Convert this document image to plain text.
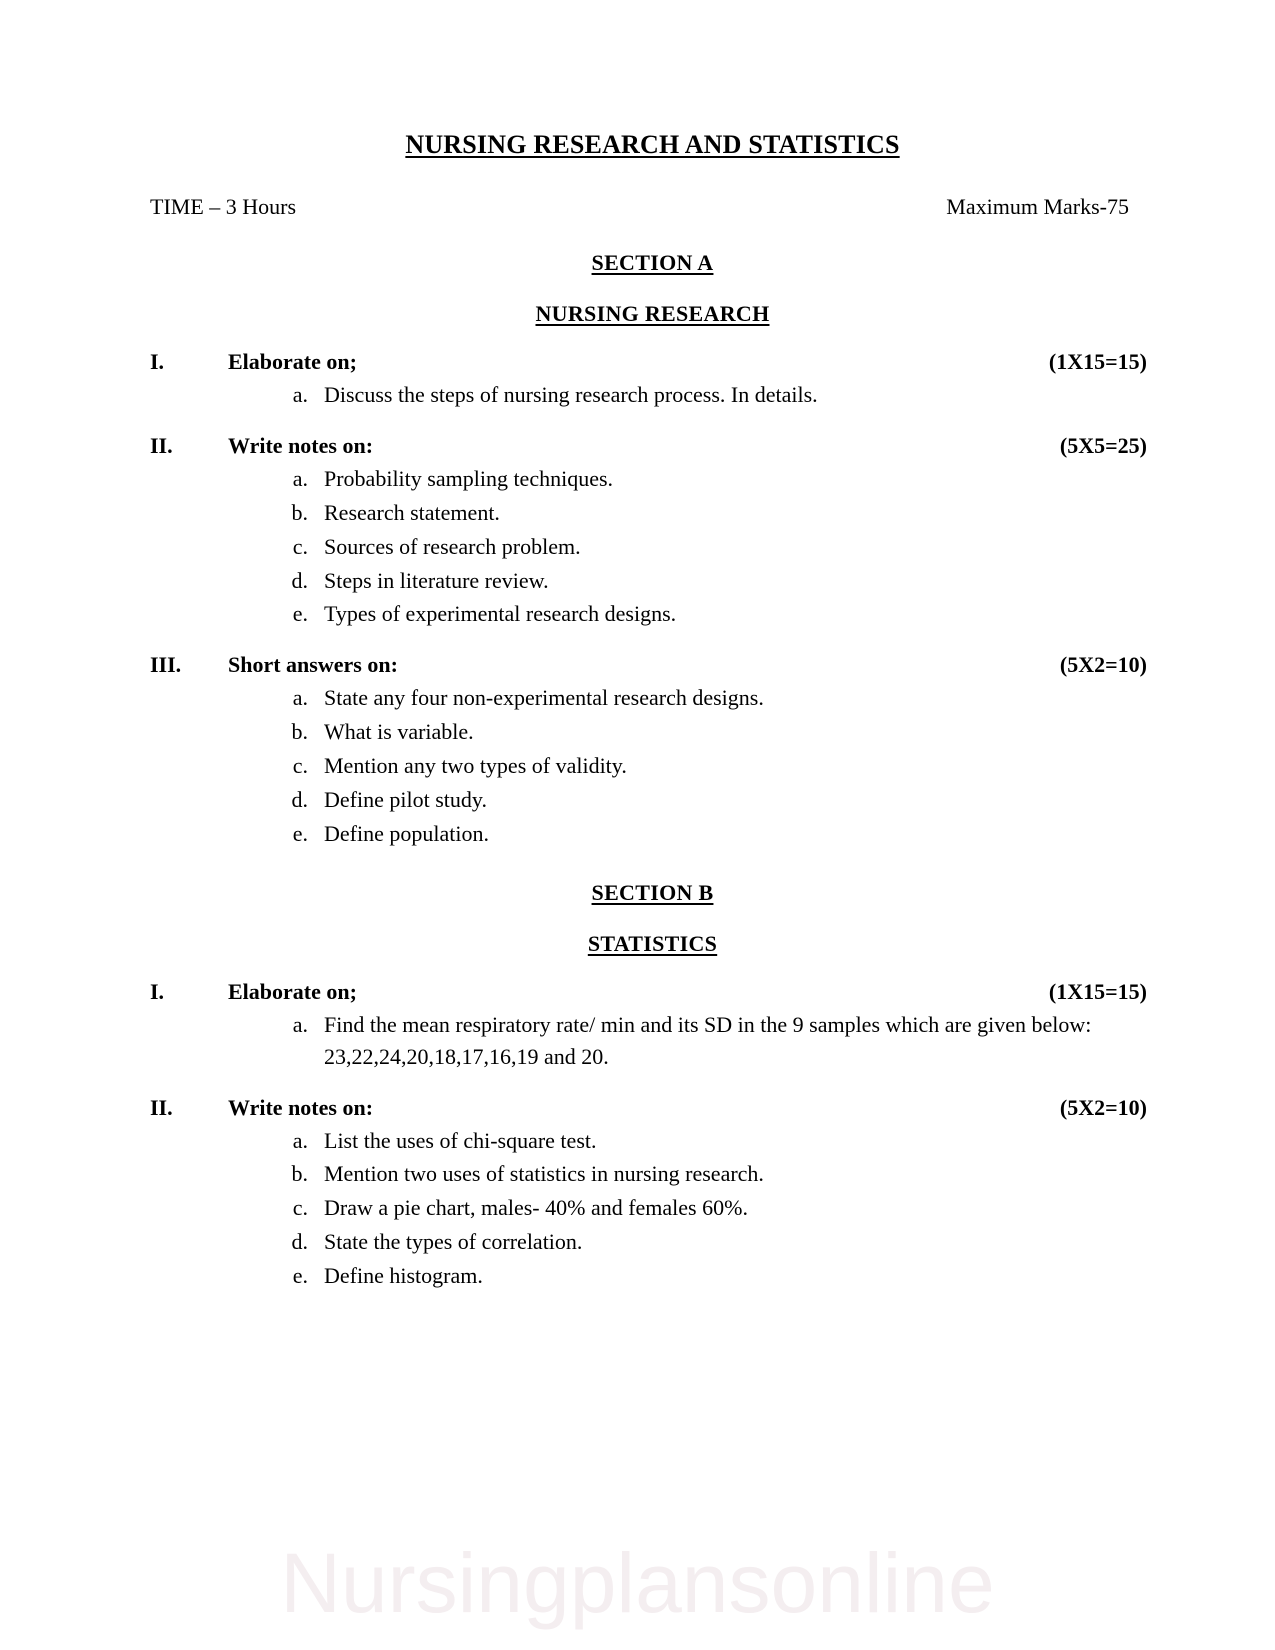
NURSING RESEARCH AND STATISTICS
TIME – 3 Hours	Maximum Marks-75
SECTION A
NURSING RESEARCH
I.	Elaborate on;	(1X15=15)
a. Discuss the steps of nursing research process. In details.
II.	Write notes on:	(5X5=25)
a. Probability sampling techniques.
b. Research statement.
c. Sources of research problem.
d. Steps in literature review.
e. Types of experimental research designs.
III.	Short answers on:	(5X2=10)
a. State any four non-experimental research designs.
b. What is variable.
c. Mention any two types of validity.
d. Define pilot study.
e. Define population.
SECTION B
STATISTICS
I.	Elaborate on;	(1X15=15)
a. Find the mean respiratory rate/ min and its SD in the 9 samples which are given below:
23,22,24,20,18,17,16,19 and 20.
II.	Write notes on:	(5X2=10)
a. List the uses of chi-square test.
b. Mention two uses of statistics in nursing research.
c. Draw a pie chart, males- 40% and females 60%.
d. State the types of correlation.
e. Define histogram.
Nursingplansonline
